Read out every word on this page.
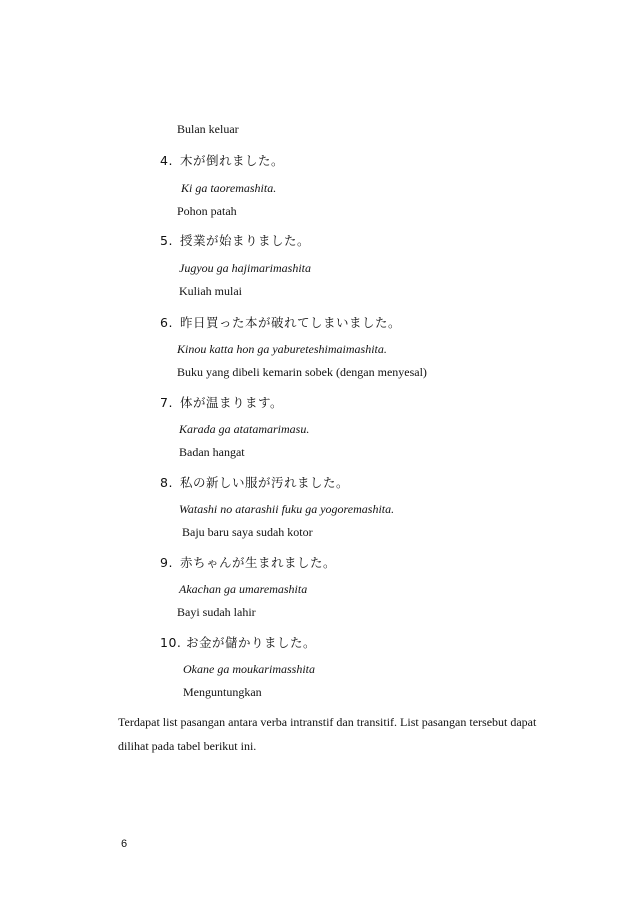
Bulan keluar
4. 木が倒れました。
Ki ga taoremashita.
Pohon patah
5. 授業が始まりました。
Jugyou ga hajimarimashita
Kuliah mulai
6. 昨日買った本が破れてしまいました。
Kinou katta hon ga yabureteshimaimashita.
Buku yang dibeli kemarin sobek (dengan menyesal)
7. 体が温まります。
Karada ga atatamarimasu.
Badan hangat
8. 私の新しい服が汚れました。
Watashi no atarashii fuku ga yogoremashita.
Baju baru saya sudah kotor
9. 赤ちゃんが生まれました。
Akachan ga umaremashita
Bayi sudah lahir
10. お金が儲かりました。
Okane ga moukarimasshita
Menguntungkan
Terdapat list pasangan antara verba intranstif dan transitif. List pasangan tersebut dapat dilihat pada tabel berikut ini.
6
